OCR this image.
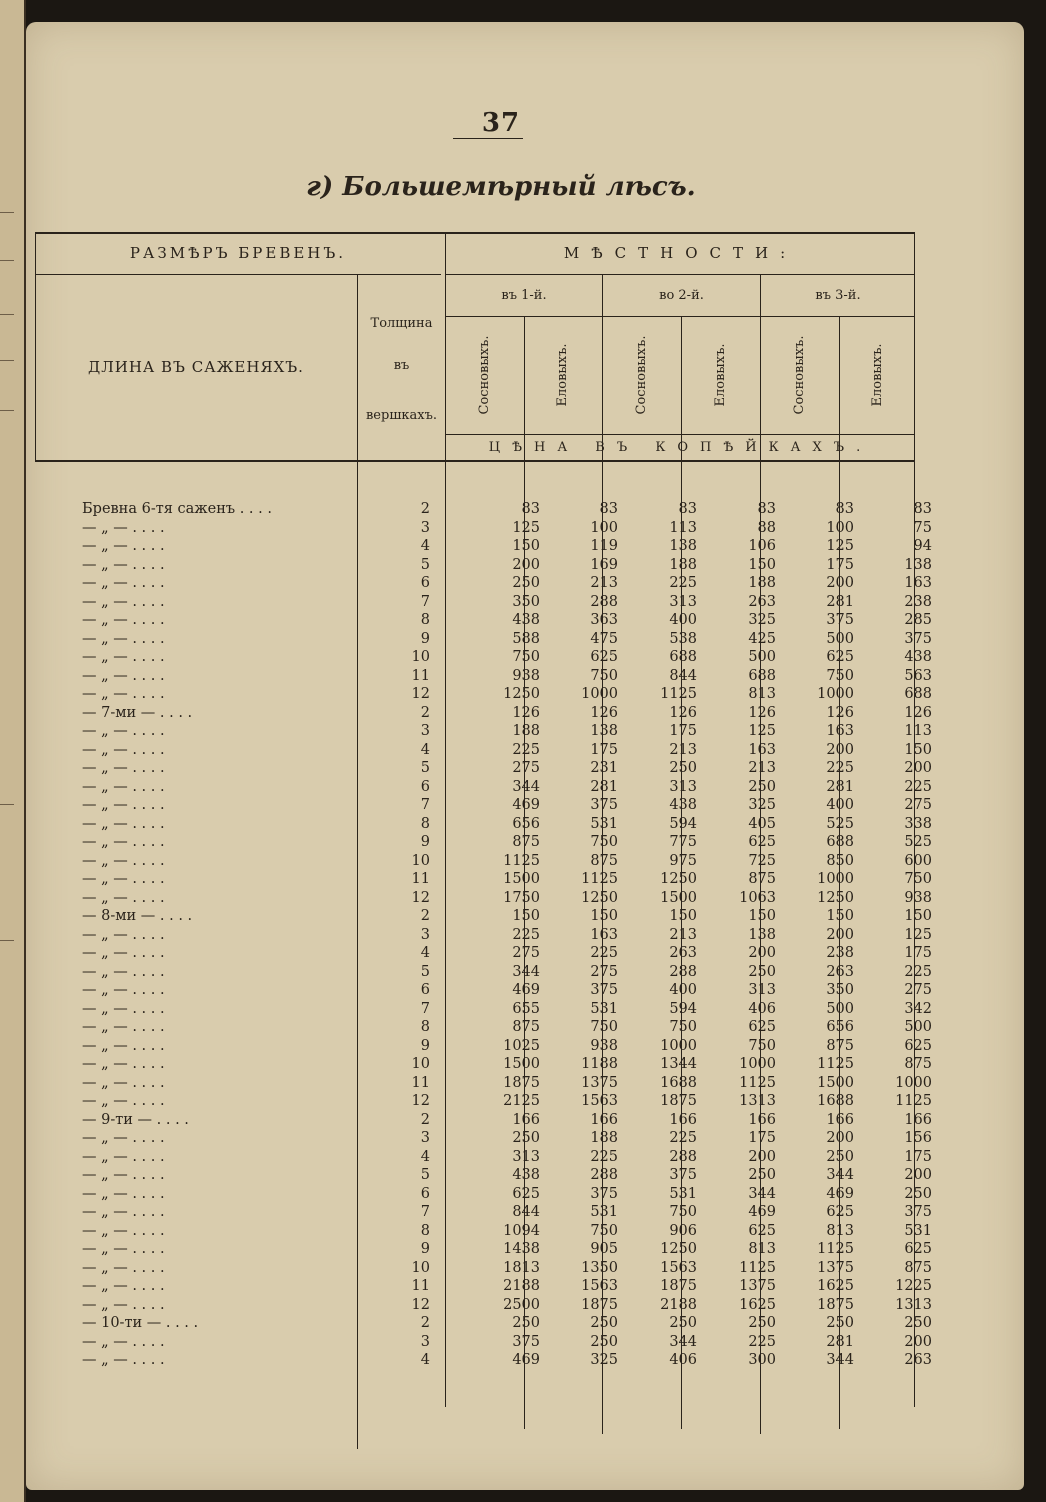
37
г) Большемѣрный лѣсъ.
РАЗМѢРЪ БРЕВЕНЪ.	МѢСТНОСТИ:
ДЛИНА ВЪ САЖЕНЯХЪ.
Толщина
въ
вершкахъ.
въ 1-й.	во 2-й.	въ 3-й.
Сосновыхъ.	Еловыхъ.	Сосновыхъ.	Еловыхъ.	Сосновыхъ.	Еловыхъ.
ЦѢНА ВЪ КОПѢЙКАХЪ.
Бревна 6-тя саженъ . . . .	2	83	83	83	83	83	83
— „ — . . . .	3	125	100	113	88	100	75
— „ — . . . .	4	150	119	138	106	125	94
— „ — . . . .	5	200	169	188	150	175	138
— „ — . . . .	6	250	213	225	188	200	163
— „ — . . . .	7	350	288	313	263	281	238
— „ — . . . .	8	438	363	400	325	375	285
— „ — . . . .	9	588	475	538	425	500	375
— „ — . . . .	10	750	625	688	500	625	438
— „ — . . . .	11	938	750	844	688	750	563
— „ — . . . .	12	1250	1000	1125	813	1000	688
— 7-ми — . . . .	2	126	126	126	126	126	126
— „ — . . . .	3	188	138	175	125	163	113
— „ — . . . .	4	225	175	213	163	200	150
— „ — . . . .	5	275	231	250	213	225	200
— „ — . . . .	6	344	281	313	250	281	225
— „ — . . . .	7	469	375	438	325	400	275
— „ — . . . .	8	656	531	594	405	525	338
— „ — . . . .	9	875	750	775	625	688	525
— „ — . . . .	10	1125	875	975	725	850	600
— „ — . . . .	11	1500	1125	1250	875	1000	750
— „ — . . . .	12	1750	1250	1500	1063	1250	938
— 8-ми — . . . .	2	150	150	150	150	150	150
— „ — . . . .	3	225	163	213	138	200	125
— „ — . . . .	4	275	225	263	200	238	175
— „ — . . . .	5	344	275	288	250	263	225
— „ — . . . .	6	469	375	400	313	350	275
— „ — . . . .	7	655	531	594	406	500	342
— „ — . . . .	8	875	750	750	625	656	500
— „ — . . . .	9	1025	938	1000	750	875	625
— „ — . . . .	10	1500	1188	1344	1000	1125	875
— „ — . . . .	11	1875	1375	1688	1125	1500	1000
— „ — . . . .	12	2125	1563	1875	1313	1688	1125
— 9-ти — . . . .	2	166	166	166	166	166	166
— „ — . . . .	3	250	188	225	175	200	156
— „ — . . . .	4	313	225	288	200	250	175
— „ — . . . .	5	438	288	375	250	344	200
— „ — . . . .	6	625	375	531	344	469	250
— „ — . . . .	7	844	531	750	469	625	375
— „ — . . . .	8	1094	750	906	625	813	531
— „ — . . . .	9	1438	905	1250	813	1125	625
— „ — . . . .	10	1813	1350	1563	1125	1375	875
— „ — . . . .	11	2188	1563	1875	1375	1625	1225
— „ — . . . .	12	2500	1875	2188	1625	1875	1313
— 10-ти — . . . .	2	250	250	250	250	250	250
— „ — . . . .	3	375	250	344	225	281	200
— „ — . . . .	4	469	325	406	300	344	263
